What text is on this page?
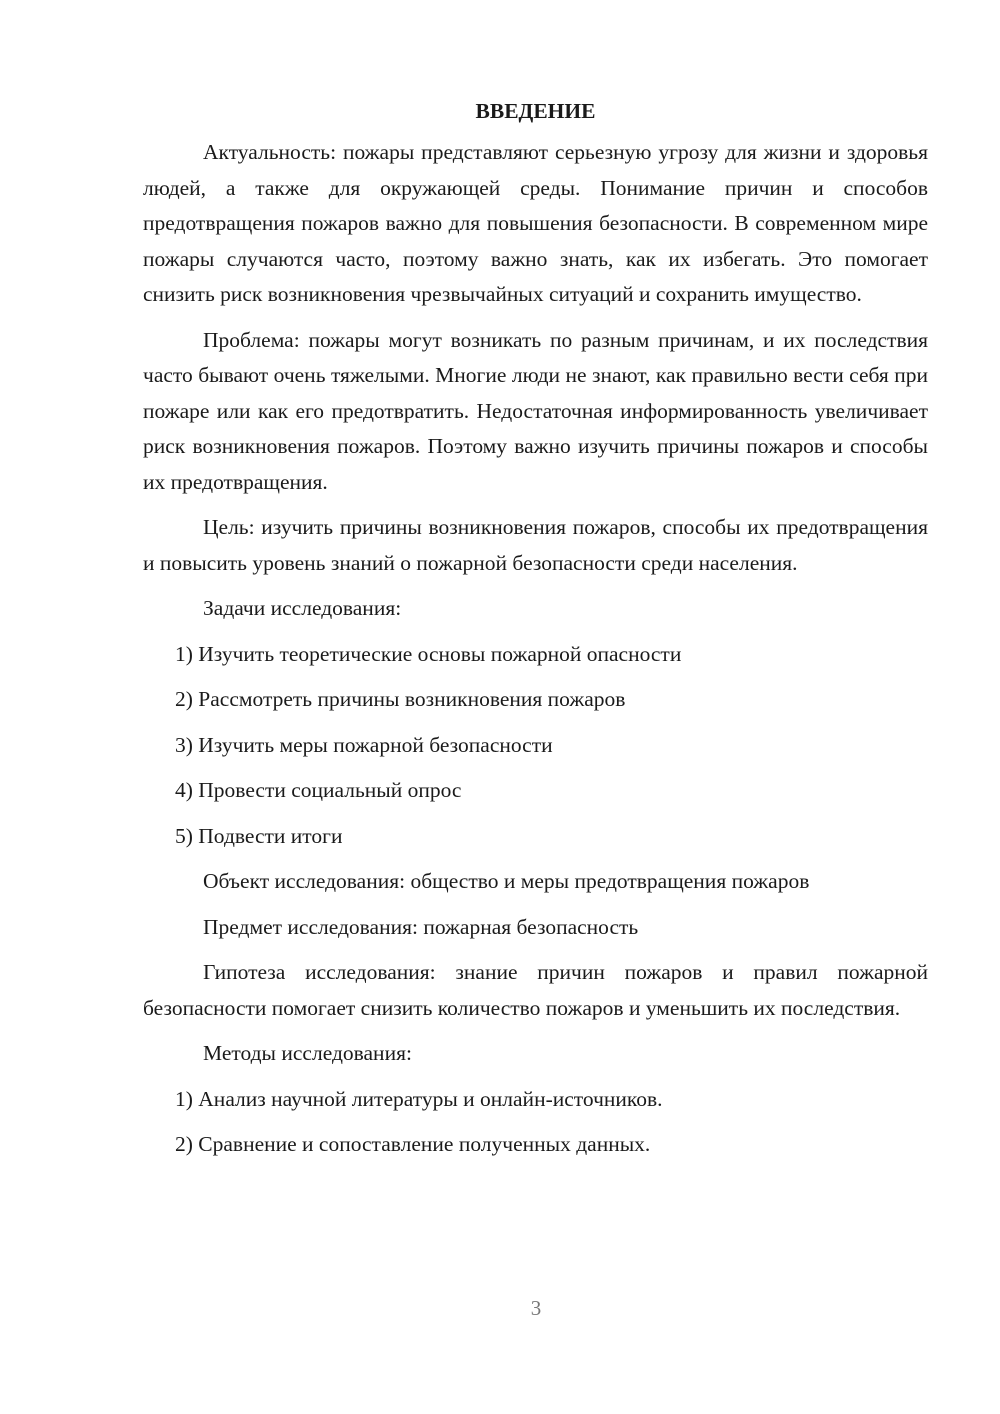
ВВЕДЕНИЕ

Актуальность: пожары представляют серьезную угрозу для жизни и здоровья людей, а также для окружающей среды. Понимание причин и способов предотвращения пожаров важно для повышения безопасности. В современном мире пожары случаются часто, поэтому важно знать, как их избегать. Это помогает снизить риск возникновения чрезвычайных ситуаций и сохранить имущество.

Проблема: пожары могут возникать по разным причинам, и их последствия часто бывают очень тяжелыми. Многие люди не знают, как правильно вести себя при пожаре или как его предотвратить. Недостаточная информированность увеличивает риск возникновения пожаров. Поэтому важно изучить причины пожаров и способы их предотвращения.

Цель: изучить причины возникновения пожаров, способы их предотвращения и повысить уровень знаний о пожарной безопасности среди населения.

Задачи исследования:

1) Изучить теоретические основы пожарной опасности

2) Рассмотреть причины возникновения пожаров

3) Изучить меры пожарной безопасности

4) Провести социальный опрос

5) Подвести итоги

Объект исследования: общество и меры предотвращения пожаров

Предмет исследования: пожарная безопасность

Гипотеза исследования: знание причин пожаров и правил пожарной безопасности помогает снизить количество пожаров и уменьшить их последствия.

Методы исследования:

1) Анализ научной литературы и онлайн-источников.

2) Сравнение и сопоставление полученных данных.

3
